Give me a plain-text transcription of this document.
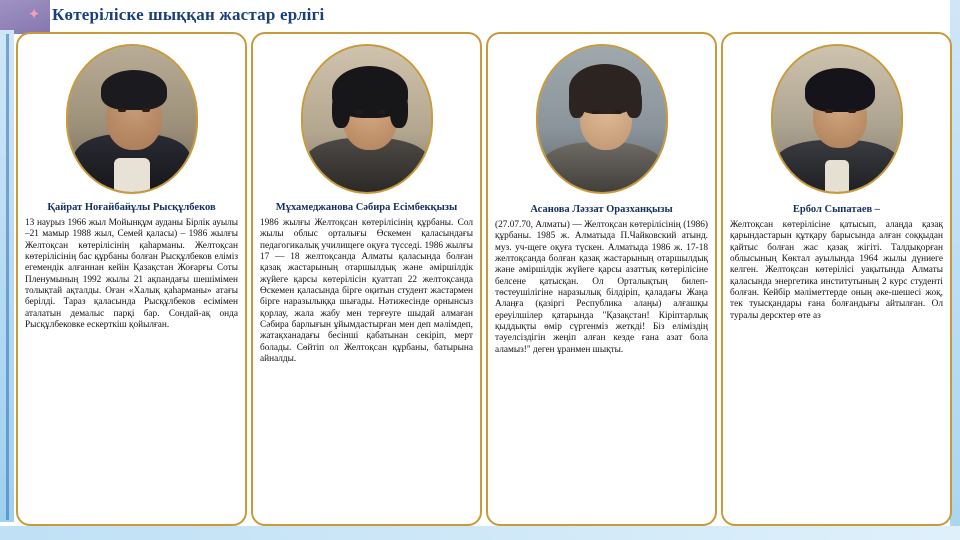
✦ Көтеріліске шыққан жастар ерлігі
Қайрат Ноғайбайұлы Рысқұлбеков
13 наурыз 1966 жыл Мойынқұм ауданы Бірлік ауылы –21 мамыр 1988 жыл, Семей қаласы) – 1986 жылғы Желтоқсан көтерілісінің қаһарманы. Желтоқсан көтерілісінің бас құрбаны болған Рысқұлбеков елімiз егемендiк алғаннан кейiн Қазақстан Жоғарғы Соты Пленумының 1992 жылы 21 ақпандағы шешiмiмен толықтай ақталды. Оған «Халық қаһарманы» атағы берiлдi. Тараз қаласында Рысқұлбеков есiмiмен аталатын демалыс парқi бар. Сондай-ақ онда Рысқұлбековке ескерткiш қойылған.
Мұхамеджанова Сәбира Есімбекқызы
1986 жылғы Желтоқсан көтерілісінің құрбаны. Сол жылы облыс орталығы Өскемен қаласындағы педагогикалық училищеге оқуға түсседі. 1986 жылғы 17 — 18 желтоқсанда Алматы қаласында болған қазақ жастарының отаршылдық және әмiршiлдiк жүйеге қарсы көтерiлiсiн қуаттап 22 желтоқсанда Өскемен қаласында бiрге оқитын студент жастармен бiрге наразылыққа шығады. Нәтижесінде орнынсыз қорлау, жала жабу мен терғеуге шыдай алмаған Сәбира барлығын ұйымдастырған мен деп мәлiмдеп, жатақханадағы бесiншi қабатынан секiрiп, мерт болады. Сөйтiп ол Желтоқсан құрбаны, батырына айналды.
Асанова Ләззат Оразханқызы
(27.07.70, Алматы) — Желтоқсан көтерілісінің (1986) құрбаны. 1985 ж. Алматыда П.Чайковский атынд. муз. уч-щеге оқуға түскен. Алматыда 1986 ж. 17-18 желтоқсанда болған қазақ жастарының отаршылдық және әмiршiлдiк жүйеге қарсы азаттық көтерiлiсiне белсене қатысқан. Ол Орталықтың билеп-төстеушiлiгiне наразылық бiлдiрiп, қаладағы Жаңа Алаңға (қазiргi Республика алаңы) алғашқы ереуілшілер қатарында "Қазақстан! Кiрiптарлық қыддықты өмiр сүргенмiз жеткдi! Бiз елiмiздiң тәуелсiздiгiн жеңiп алған кезде ғана азат бола аламыз!" деген ұранмен шықты.
Ербол Сыпатаев –
Желтоқсан көтерілісіне қатысып, алаңда қазақ қарындастарын құтқару барысында алған соққыдан қайтыс болған жас қазақ жігіті. Талдықорған облысының Көктал ауылында 1964 жылы дүниеге келген. Желтоқсан көтерiлiсi уақытында Алматы қаласында энергетика институтының 2 курс студенті болған. Кейбiр мәлiметтерде оның әке-шешесi жоқ, тек туысқандары ғана болғандығы айтылған. Ол туралы дерсктер өте аз
